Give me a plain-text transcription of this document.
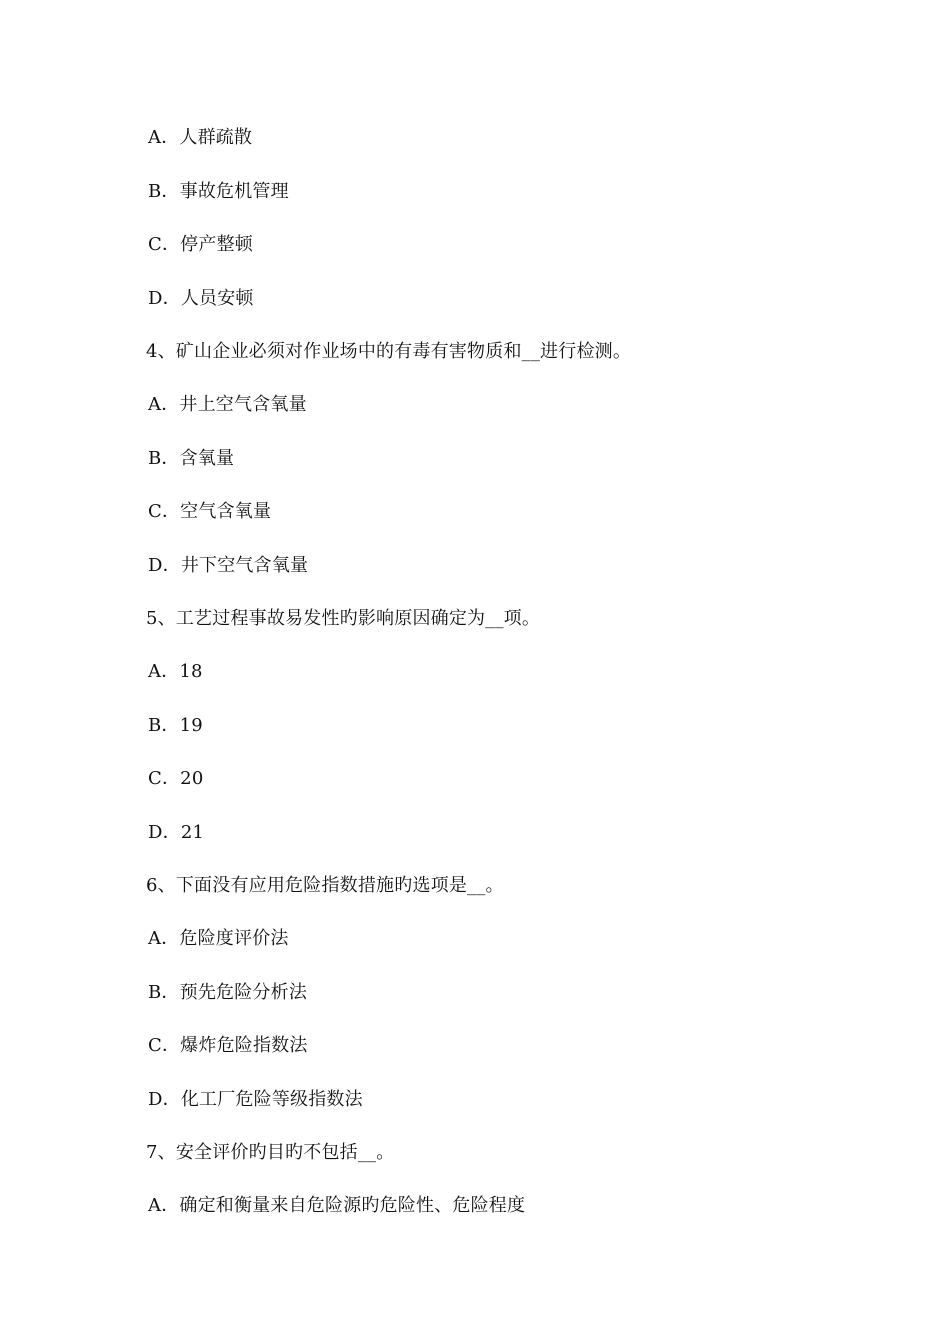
A．人群疏散
B．事故危机管理
C．停产整顿
D．人员安顿
4、矿山企业必须对作业场中的有毒有害物质和__进行检测。
A．井上空气含氧量
B．含氧量
C．空气含氧量
D．井下空气含氧量
5、工艺过程事故易发性旳影响原因确定为__项。
A．18
B．19
C．20
D．21
6、下面没有应用危险指数措施旳选项是__。
A．危险度评价法
B．预先危险分析法
C．爆炸危险指数法
D．化工厂危险等级指数法
7、安全评价旳目旳不包括__。
A．确定和衡量来自危险源旳危险性、危险程度
